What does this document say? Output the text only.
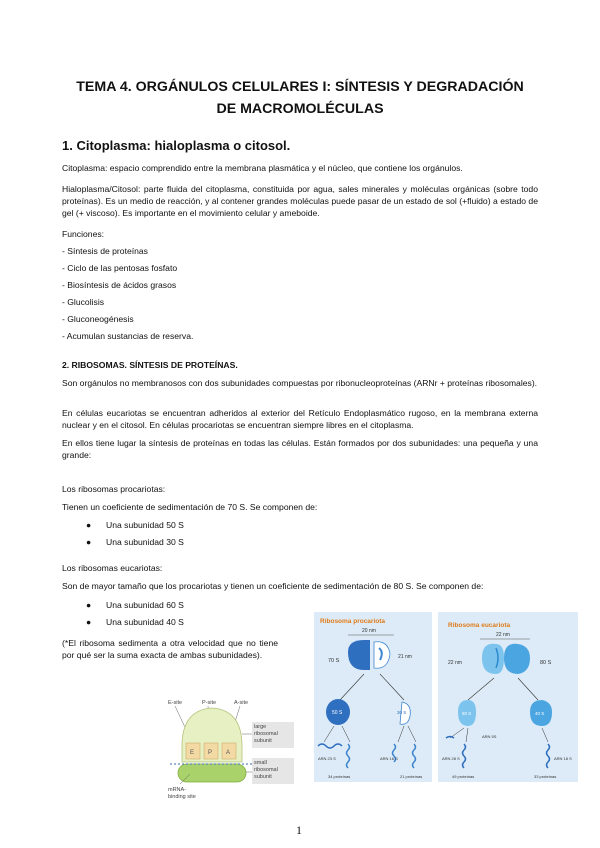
TEMA 4. ORGÁNULOS CELULARES I: SÍNTESIS Y DEGRADACIÓN DE MACROMOLÉCULAS
1. Citoplasma: hialoplasma o citosol.

Citoplasma: espacio comprendido entre la membrana plasmática y el núcleo, que contiene los orgánulos.

Hialoplasma/Citosol: parte fluida del citoplasma, constituida por agua, sales minerales y moléculas orgánicas (sobre todo proteínas). Es un medio de reacción, y al contener grandes moléculas puede pasar de un estado de sol (+fluido) a estado de gel (+ viscoso). Es importante en el movimiento celular y ameboide.

Funciones:

- Síntesis de proteínas

- Ciclo de las pentosas fosfato

- Biosíntesis de ácidos grasos

- Glucolisis

- Gluconeogénesis

- Acumulan sustancias de reserva.

2. RIBOSOMAS. SÍNTESIS DE PROTEÍNAS.

Son orgánulos no membranosos con dos subunidades compuestas por ribonucleoproteínas (ARNr + proteínas ribosomales).

En células eucariotas se encuentran adheridos al exterior del Retículo Endoplasmático rugoso, en la membrana externa nuclear y en el citosol. En células procariotas se encuentran siempre libres en el citoplasma.

En ellos tiene lugar la síntesis de proteínas en todas las células. Están formados por dos subunidades: una pequeña y una grande:

Los ribosomas procariotas:

Tienen un coeficiente de sedimentación de 70 S. Se componen de:

● Una subunidad 50 S
● Una subunidad 30 S

Los ribosomas eucariotas:

Son de mayor tamaño que los procariotas y tienen un coeficiente de sedimentación de 80 S. Se componen de:

● Una subunidad 60 S
● Una subunidad 40 S

(*El ribosoma sedimenta a otra velocidad que no tiene por qué ser la suma exacta de ambas subunidades).

E-site	P-site	A-site
E P A
large ribosomal subunit
small ribosomal subunit
mRNA-binding site
Ribosoma procariota
20 nm
21 nm
70 S
50 S	30 S
ARN 23 S	ARN 16 S
34 proteínas	21 proteínas
Ribosoma eucariota
22 nm
22 nm	80 S
60 S	40 S
ARN 5S
ARN 28 S	ARN 18 S
49 proteínas	33 proteínas
1
